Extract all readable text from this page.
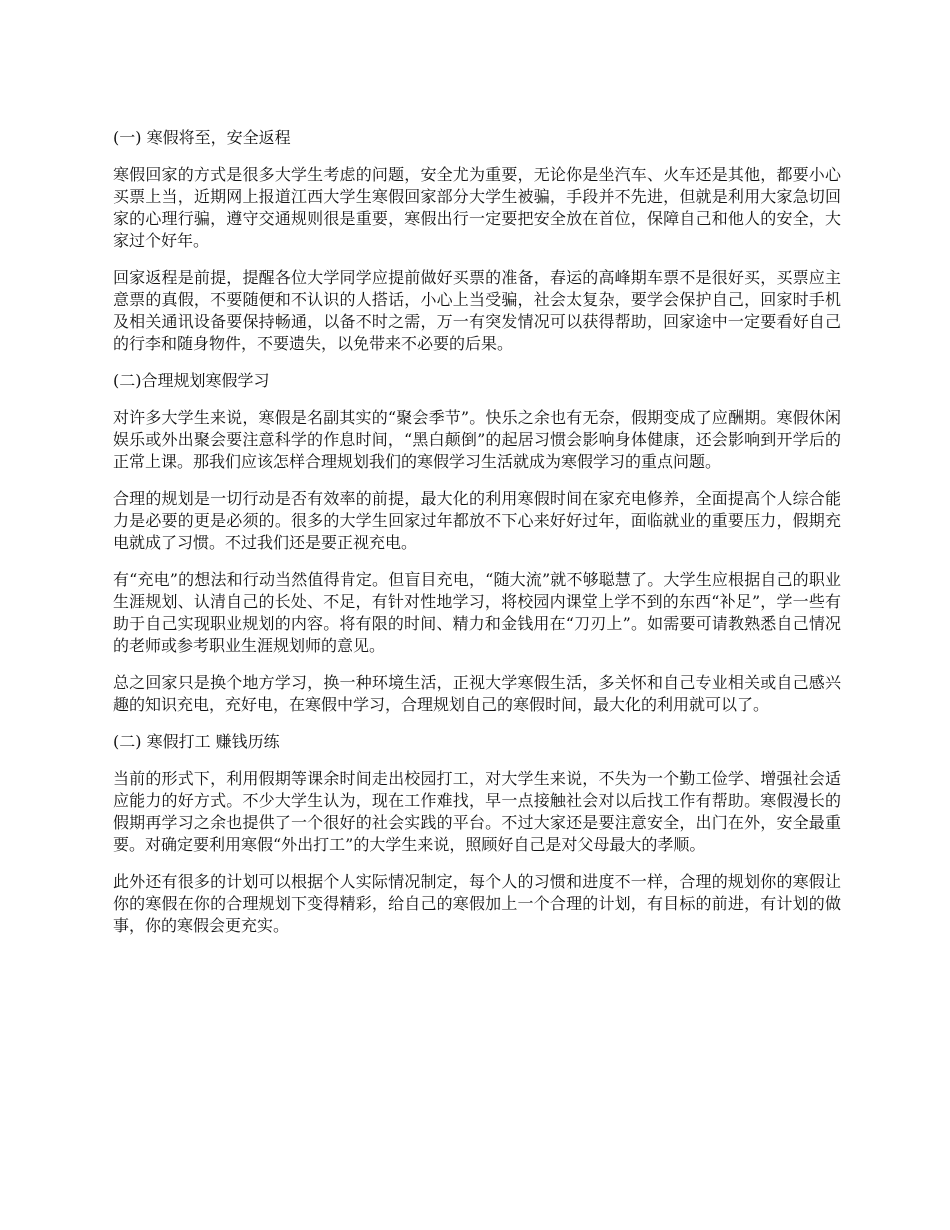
(一) 寒假将至，安全返程

寒假回家的方式是很多大学生考虑的问题，安全尤为重要，无论你是坐汽车、火车还是其他，都要小心买票上当，近期网上报道江西大学生寒假回家部分大学生被骗，手段并不先进，但就是利用大家急切回家的心理行骗，遵守交通规则很是重要，寒假出行一定要把安全放在首位，保障自己和他人的安全，大家过个好年。

回家返程是前提，提醒各位大学同学应提前做好买票的准备，春运的高峰期车票不是很好买，买票应主意票的真假，不要随便和不认识的人搭话，小心上当受骗，社会太复杂，要学会保护自己，回家时手机及相关通讯设备要保持畅通，以备不时之需，万一有突发情况可以获得帮助，回家途中一定要看好自己的行李和随身物件，不要遗失，以免带来不必要的后果。

(二)合理规划寒假学习

对许多大学生来说，寒假是名副其实的“聚会季节”。快乐之余也有无奈，假期变成了应酬期。寒假休闲娱乐或外出聚会要注意科学的作息时间，“黑白颠倒”的起居习惯会影响身体健康，还会影响到开学后的正常上课。那我们应该怎样合理规划我们的寒假学习生活就成为寒假学习的重点问题。

合理的规划是一切行动是否有效率的前提，最大化的利用寒假时间在家充电修养，全面提高个人综合能力是必要的更是必须的。很多的大学生回家过年都放不下心来好好过年，面临就业的重要压力，假期充电就成了习惯。不过我们还是要正视充电。

有“充电”的想法和行动当然值得肯定。但盲目充电，“随大流”就不够聪慧了。大学生应根据自己的职业生涯规划、认清自己的长处、不足，有针对性地学习，将校园内课堂上学不到的东西“补足”，学一些有助于自己实现职业规划的内容。将有限的时间、精力和金钱用在“刀刃上”。如需要可请教熟悉自己情况的老师或参考职业生涯规划师的意见。

总之回家只是换个地方学习，换一种环境生活，正视大学寒假生活，多关怀和自己专业相关或自己感兴趣的知识充电，充好电，在寒假中学习，合理规划自己的寒假时间，最大化的利用就可以了。

(二) 寒假打工 赚钱历练

当前的形式下，利用假期等课余时间走出校园打工，对大学生来说，不失为一个勤工俭学、增强社会适应能力的好方式。不少大学生认为，现在工作难找，早一点接触社会对以后找工作有帮助。寒假漫长的假期再学习之余也提供了一个很好的社会实践的平台。不过大家还是要注意安全，出门在外，安全最重要。对确定要利用寒假“外出打工”的大学生来说，照顾好自己是对父母最大的孝顺。

此外还有很多的计划可以根据个人实际情况制定，每个人的习惯和进度不一样，合理的规划你的寒假让你的寒假在你的合理规划下变得精彩，给自己的寒假加上一个合理的计划，有目标的前进，有计划的做事，你的寒假会更充实。
